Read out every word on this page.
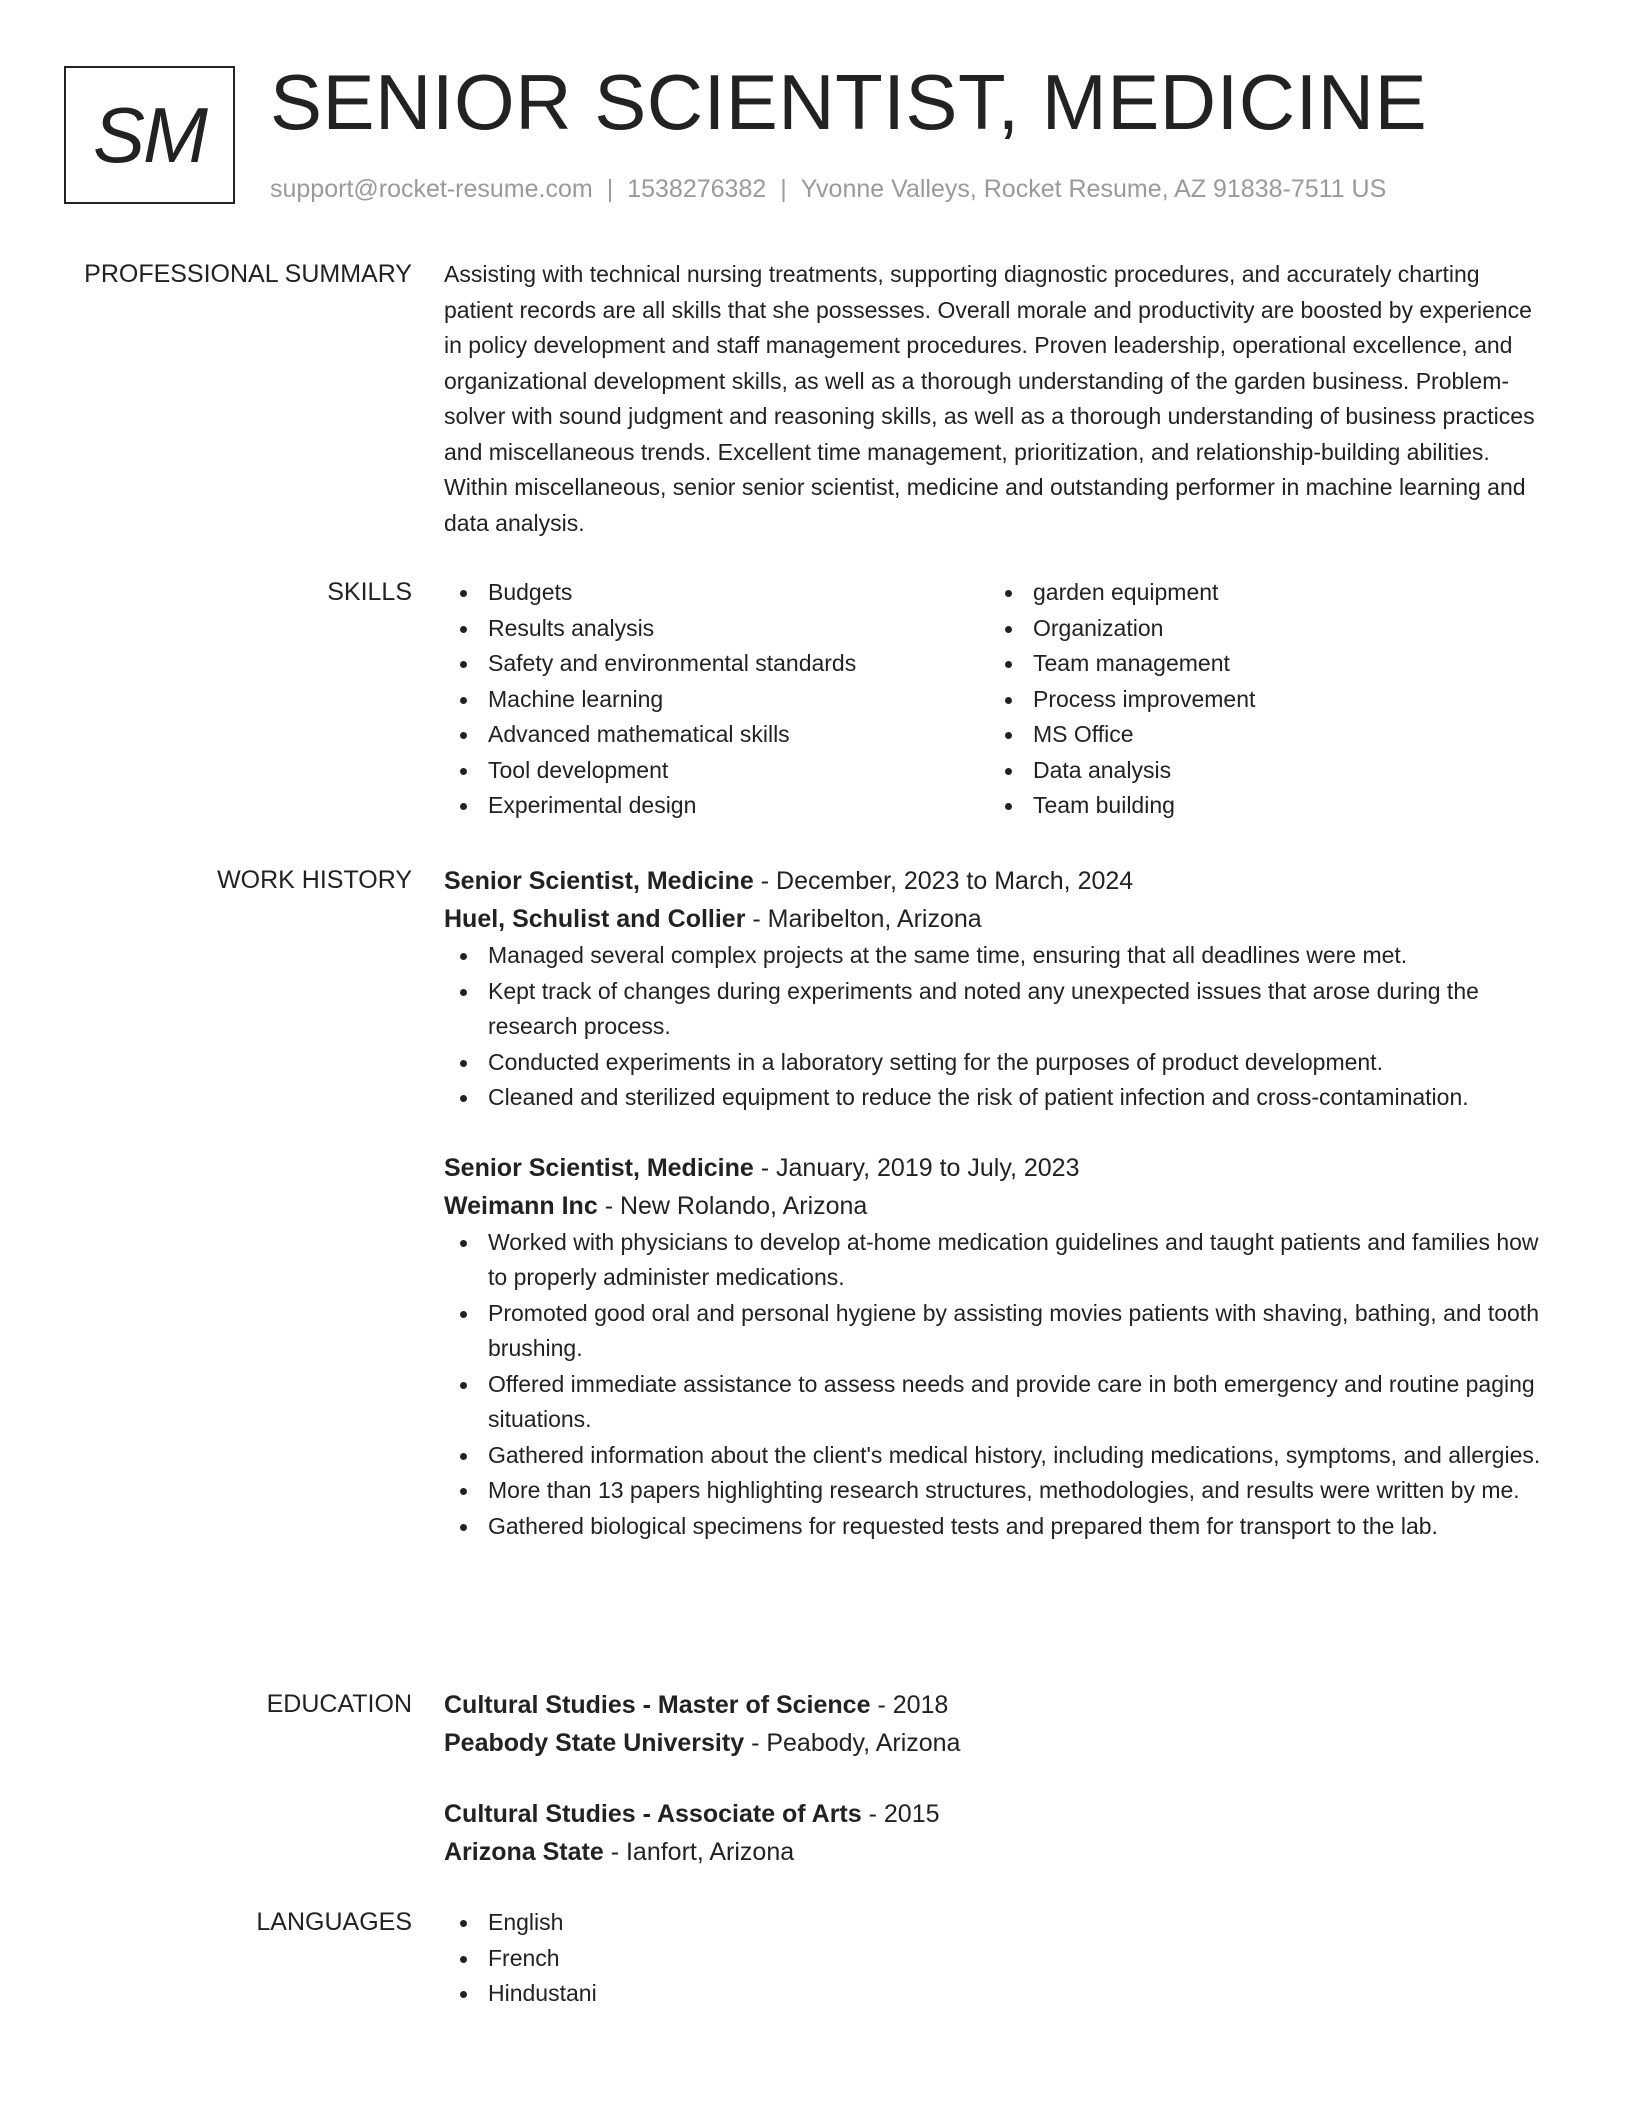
SM SENIOR SCIENTIST, MEDICINE
support@rocket-resume.com | 1538276382 | Yvonne Valleys, Rocket Resume, AZ 91838-7511 US
PROFESSIONAL SUMMARY Assisting with technical nursing treatments, supporting diagnostic procedures, and accurately charting patient records are all skills that she possesses. Overall morale and productivity are boosted by experience in policy development and staff management procedures. Proven leadership, operational excellence, and organizational development skills, as well as a thorough understanding of the garden business. Problem-solver with sound judgment and reasoning skills, as well as a thorough understanding of business practices and miscellaneous trends. Excellent time management, prioritization, and relationship-building abilities. Within miscellaneous, senior senior scientist, medicine and outstanding performer in machine learning and data analysis.

SKILLS	Budgets
Results analysis
Safety and environmental standards
Machine learning
Advanced mathematical skills
Tool development
Experimental design
garden equipment
Organization
Team management
Process improvement
MS Office
Data analysis
Team building
WORK HISTORY Senior Scientist, Medicine - December, 2023 to March, 2024
Huel, Schulist and Collier - Maribelton, Arizona
Managed several complex projects at the same time, ensuring that all deadlines were met.
Kept track of changes during experiments and noted any unexpected issues that arose during the research process.
Conducted experiments in a laboratory setting for the purposes of product development.
Cleaned and sterilized equipment to reduce the risk of patient infection and cross-contamination.
Senior Scientist, Medicine - January, 2019 to July, 2023
Weimann Inc - New Rolando, Arizona
Worked with physicians to develop at-home medication guidelines and taught patients and families how to properly administer medications.
Promoted good oral and personal hygiene by assisting movies patients with shaving, bathing, and tooth brushing.
Offered immediate assistance to assess needs and provide care in both emergency and routine paging situations.
Gathered information about the client's medical history, including medications, symptoms, and allergies.
More than 13 papers highlighting research structures, methodologies, and results were written by me.
Gathered biological specimens for requested tests and prepared them for transport to the lab.
EDUCATION Cultural Studies - Master of Science - 2018
Peabody State University - Peabody, Arizona
Cultural Studies - Associate of Arts - 2015
Arizona State - Ianfort, Arizona
LANGUAGES	English
French
Hindustani
